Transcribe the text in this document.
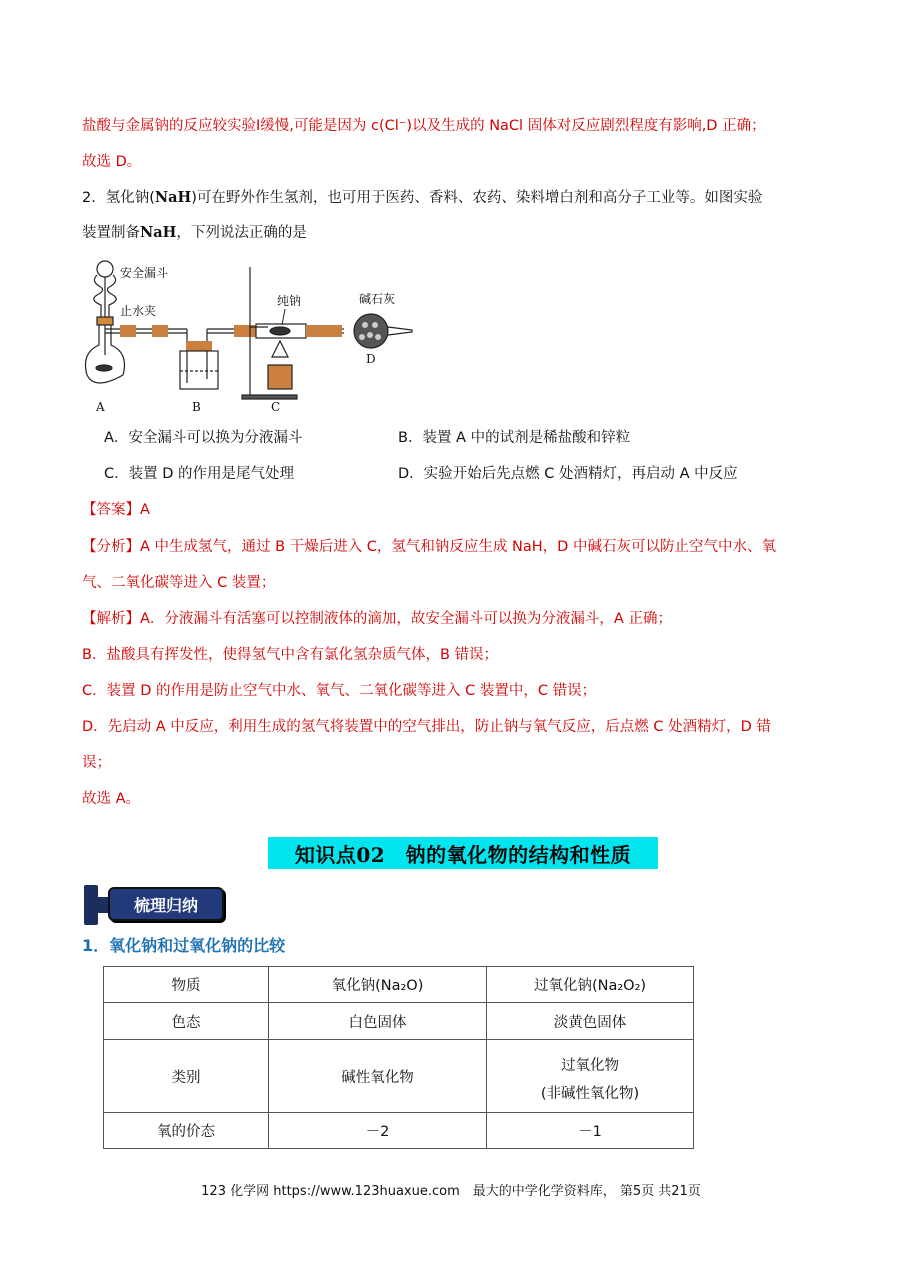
盐酸与金属钠的反应较实验Ⅰ缓慢,可能是因为 c(Cl⁻)以及生成的 NaCl 固体对反应剧烈程度有影响,D 正确；
故选 D。
2．氢化钠(NaH)可在野外作生氢剂，也可用于医药、香料、农药、染料增白剂和高分子工业等。如图实验
装置制备NaH，下列说法正确的是
安全漏斗
止水夹
纯钠	碱石灰
D
A	B	C
A．安全漏斗可以换为分液漏斗	B．装置 A 中的试剂是稀盐酸和锌粒
C．装置 D 的作用是尾气处理	D．实验开始后先点燃 C 处酒精灯，再启动 A 中反应
【答案】A
【分析】A 中生成氢气，通过 B 干燥后进入 C，氢气和钠反应生成 NaH，D 中碱石灰可以防止空气中水、氧
气、二氧化碳等进入 C 装置；
【解析】A．分液漏斗有活塞可以控制液体的滴加，故安全漏斗可以换为分液漏斗，A 正确；
B．盐酸具有挥发性，使得氢气中含有氯化氢杂质气体，B 错误；
C．装置 D 的作用是防止空气中水、氧气、二氧化碳等进入 C 装置中，C 错误；
D．先启动 A 中反应，利用生成的氢气将装置中的空气排出，防止钠与氧气反应，后点燃 C 处酒精灯，D 错
误；
故选 A。
知识点02　钠的氧化物的结构和性质
梳理归纳
1．氧化钠和过氧化钠的比较
物质	氧化钠(Na₂O)	过氧化钠(Na₂O₂)
色态	白色固体	淡黄色固体
类别	碱性氧化物	过氧化物
(非碱性氧化物)

氧的价态	－2	－1
123 化学网 https://www.123huaxue.com　最大的中学化学资料库， 第5页 共21页
